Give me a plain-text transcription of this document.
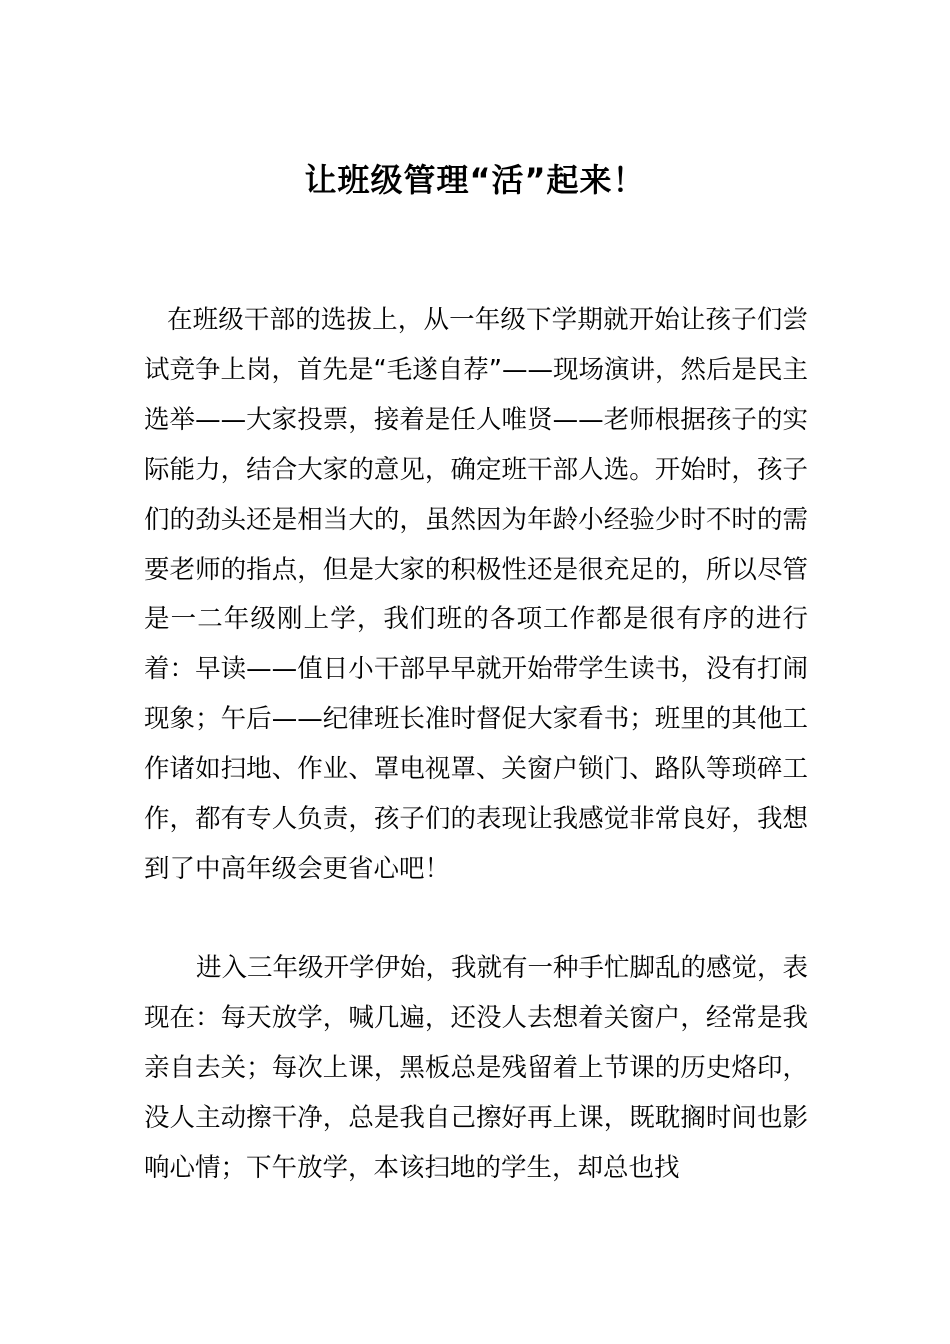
让班级管理“活”起来！
在班级干部的选拔上，从一年级下学期就开始让孩子们尝试竞争上岗，首先是“毛遂自荐”——现场演讲，然后是民主选举——大家投票，接着是任人唯贤——老师根据孩子的实际能力，结合大家的意见，确定班干部人选。开始时，孩子们的劲头还是相当大的，虽然因为年龄小经验少时不时的需要老师的指点，但是大家的积极性还是很充足的，所以尽管是一二年级刚上学，我们班的各项工作都是很有序的进行着：早读——值日小干部早早就开始带学生读书，没有打闹现象；午后——纪律班长准时督促大家看书；班里的其他工作诸如扫地、作业、罩电视罩、关窗户锁门、路队等琐碎工作，都有专人负责，孩子们的表现让我感觉非常良好，我想到了中高年级会更省心吧！
进入三年级开学伊始，我就有一种手忙脚乱的感觉，表现在：每天放学，喊几遍，还没人去想着关窗户，经常是我亲自去关；每次上课，黑板总是残留着上节课的历史烙印，没人主动擦干净，总是我自己擦好再上课，既耽搁时间也影响心情；下午放学，本该扫地的学生，却总也找
